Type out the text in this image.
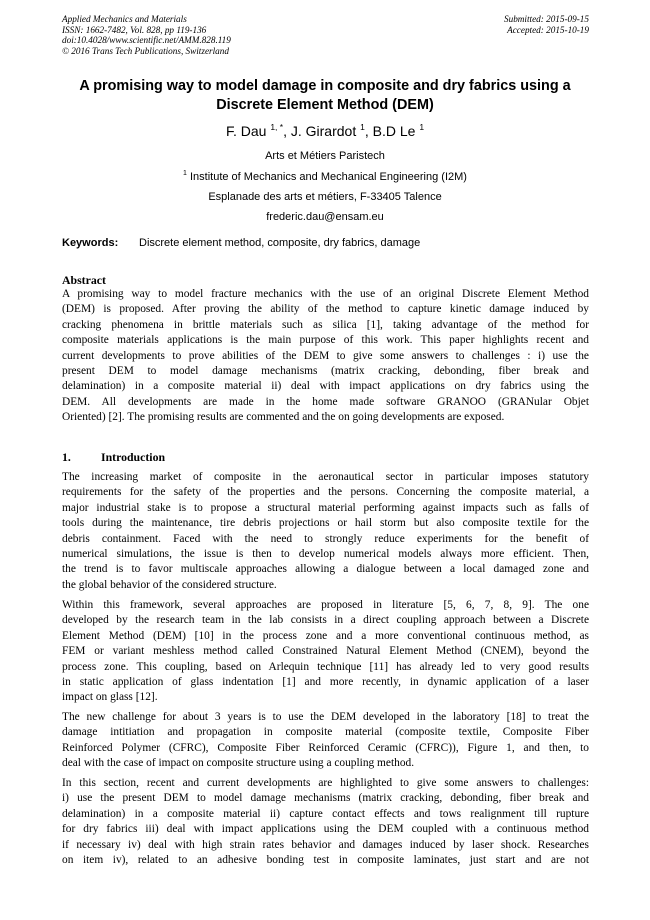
Applied Mechanics and Materials
ISSN: 1662-7482, Vol. 828, pp 119-136
doi:10.4028/www.scientific.net/AMM.828.119
© 2016 Trans Tech Publications, Switzerland
Submitted: 2015-09-15
Accepted: 2015-10-19
A promising way to model damage in composite and dry fabrics using a
Discrete Element Method (DEM)
F. Dau $^{1, *}$, J. Girardot $^1$, B.D Le $^1$
Arts et Métiers Paristech
$^1$ Institute of Mechanics and Mechanical Engineering (I2M)
Esplanade des arts et métiers, F-33405 Talence
frederic.dau@ensam.eu
Keywords: Discrete element method, composite, dry fabrics, damage
Abstract
A promising way to model fracture mechanics with the use of an original Discrete Element Method
(DEM) is proposed. After proving the ability of the method to capture kinetic damage induced by
cracking phenomena in brittle materials such as silica [1], taking advantage of the method for
composite materials applications is the main purpose of this work. This paper highlights recent and
current developments to prove abilities of the DEM to give some answers to challenges : i) use the
present DEM to model damage mechanisms (matrix cracking, debonding, fiber break and
delamination) in a composite material ii) deal with impact applications on dry fabrics using the
DEM. All developments are made in the home made software GRANOO (GRANular Objet
Oriented) [2]. The promising results are commented and the on going developments are exposed.
1.	Introduction
The increasing market of composite in the aeronautical sector in particular imposes statutory
requirements for the safety of the properties and the persons. Concerning the composite material, a
major industrial stake is to propose a structural material performing against impacts such as falls of
tools during the maintenance, tire debris projections or hail storm but also composite textile for the
debris containment. Faced with the need to strongly reduce experiments for the benefit of
numerical simulations, the issue is then to develop numerical models always more efficient. Then,
the trend is to favor multiscale approaches allowing a dialogue between a local damaged zone and
the global behavior of the considered structure.
Within this framework, several approaches are proposed in literature [5, 6, 7, 8, 9]. The one
developed by the research team in the lab consists in a direct coupling approach between a Discrete
Element Method (DEM) [10] in the process zone and a more conventional continuous method, as
FEM or variant meshless method called Constrained Natural Element Method (CNEM), beyond the
process zone. This coupling, based on Arlequin technique [11] has already led to very good results
in static application of glass indentation [1] and more recently, in dynamic application of a laser
impact on glass [12].
The new challenge for about 3 years is to use the DEM developed in the laboratory [18] to treat the
damage intitiation and propagation in composite material (composite textile, Composite Fiber
Reinforced Polymer (CFRC), Composite Fiber Reinforced Ceramic (CFRC)), Figure 1, and then, to
deal with the case of impact on composite structure using a coupling method.
In this section, recent and current developments are highlighted to give some answers to challenges:
i) use the present DEM to model damage mechanisms (matrix cracking, debonding, fiber break and
delamination) in a composite material ii) capture contact effects and tows realignment till rupture
for dry fabrics iii) deal with impact applications using the DEM coupled with a continuous method
if necessary iv) deal with high strain rates behavior and damages induced by laser shock. Researches
on item iv), related to an adhesive bonding test in composite laminates, just start and are not
